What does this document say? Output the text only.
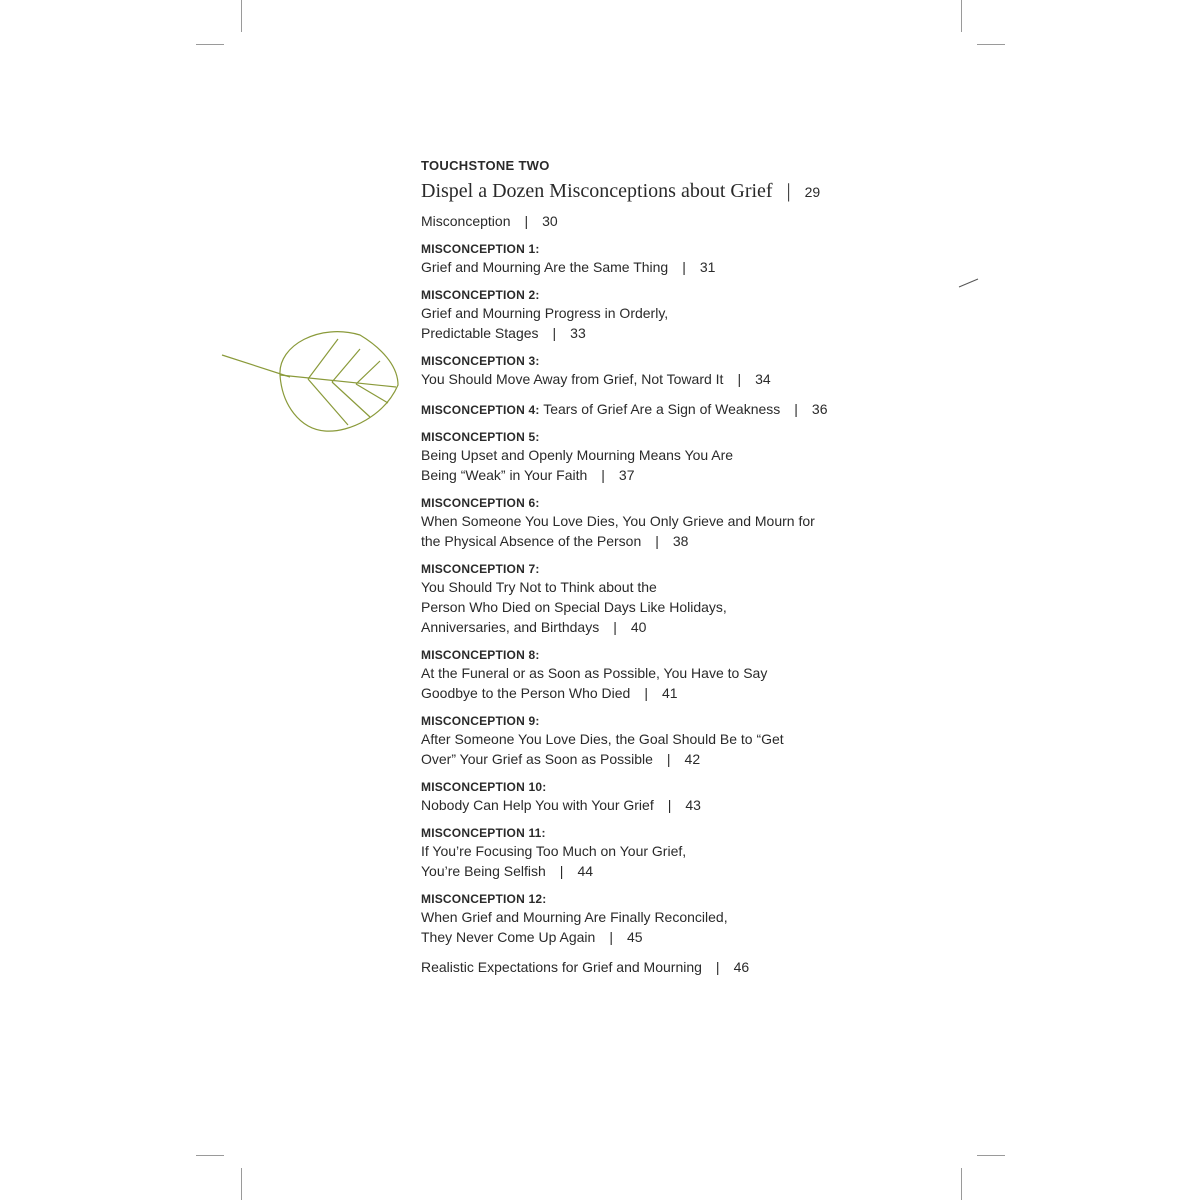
TOUCHSTONE TWO
Dispel a Dozen Misconceptions about Grief | 29
Misconception | 30
MISCONCEPTION 1:
Grief and Mourning Are the Same Thing | 31
MISCONCEPTION 2:
Grief and Mourning Progress in Orderly,
Predictable Stages | 33
MISCONCEPTION 3:
You Should Move Away from Grief, Not Toward It | 34
MISCONCEPTION 4: Tears of Grief Are a Sign of Weakness | 36
MISCONCEPTION 5:
Being Upset and Openly Mourning Means You Are
Being “Weak” in Your Faith | 37
MISCONCEPTION 6:
When Someone You Love Dies, You Only Grieve and Mourn for
the Physical Absence of the Person | 38
MISCONCEPTION 7:
You Should Try Not to Think about the
Person Who Died on Special Days Like Holidays,
Anniversaries, and Birthdays | 40
MISCONCEPTION 8:
At the Funeral or as Soon as Possible, You Have to Say
Goodbye to the Person Who Died | 41
MISCONCEPTION 9:
After Someone You Love Dies, the Goal Should Be to “Get
Over” Your Grief as Soon as Possible | 42
MISCONCEPTION 10:
Nobody Can Help You with Your Grief | 43
MISCONCEPTION 11:
If You’re Focusing Too Much on Your Grief,
You’re Being Selfish | 44
MISCONCEPTION 12:
When Grief and Mourning Are Finally Reconciled,
They Never Come Up Again | 45
Realistic Expectations for Grief and Mourning | 46
